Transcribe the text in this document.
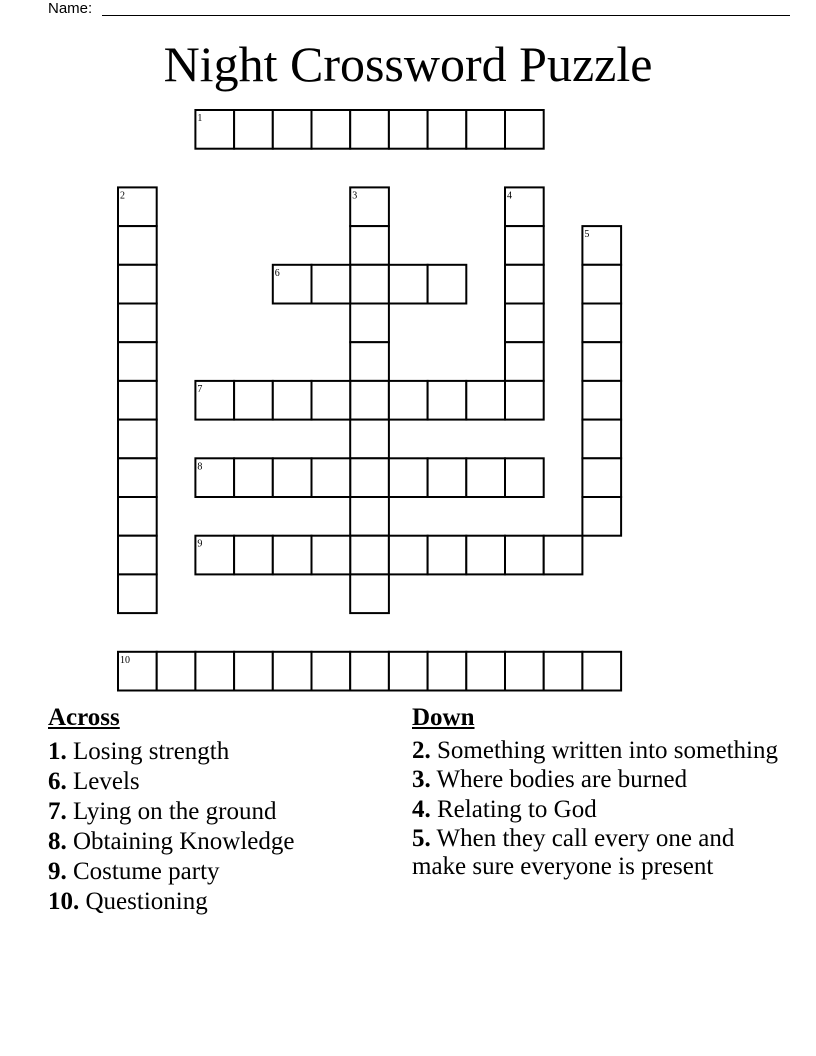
Name:
Night Crossword Puzzle
1
2	3	4
5
6
7
8
9
10
Across

1. Losing strength

6. Levels

7. Lying on the ground

8. Obtaining Knowledge

9. Costume party

10. Questioning

Down

2. Something written into something

3. Where bodies are burned

4. Relating to God

5. When they call every one and make sure everyone is present
